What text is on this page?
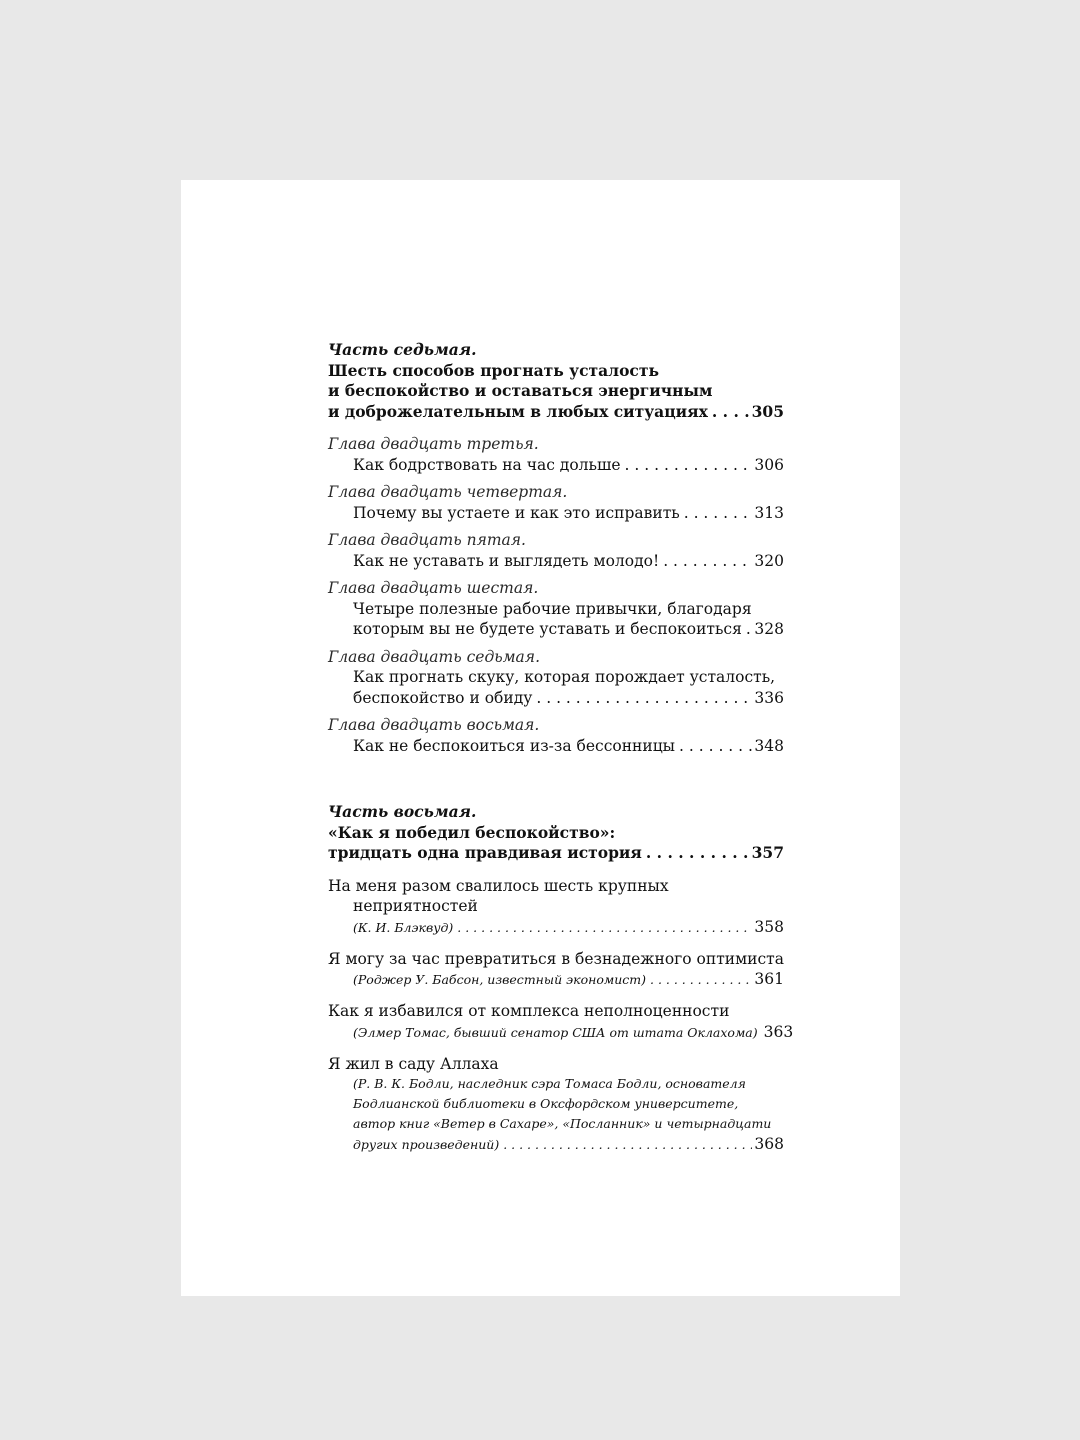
Часть седьмая.
Шесть способов прогнать усталость
и беспокойство и оставаться энергичным
и доброжелательным в любых ситуациях . . .	305
Глава двадцать третья.
Как бодрствовать на час дольше . . .	306
Глава двадцать четвертая.
Почему вы устаете и как это исправить . . .	313
Глава двадцать пятая.
Как не уставать и выглядеть молодо! . . .	320
Глава двадцать шестая.
Четыре полезные рабочие привычки, благодаря
которым вы не будете уставать и беспокоиться . . . 328
Глава двадцать седьмая.
Как прогнать скуку, которая порождает усталость,
беспокойство и обиду . . .	336
Глава двадцать восьмая.
Как не беспокоиться из-за бессонницы . . .	348
Часть восьмая.
«Как я победил беспокойство»:
тридцать одна правдивая история . . .	357
На меня разом свалилось шесть крупных
неприятностей
(К. И. Блэквуд) . . .	358
Я могу за час превратиться в безнадежного оптимиста
(Роджер У. Бабсон, известный экономист) . . .	361
Как я избавился от комплекса неполноценности
(Элмер Томас, бывший сенатор США от штата Оклахома) 363
Я жил в саду Аллаха
(Р. В. К. Бодли, наследник сэра Томаса Бодли, основателя
Бодлианской библиотеки в Оксфордском университете,
автор книг «Ветер в Сахаре», «Посланник» и четырнадцати
других произведений) . . .	368
